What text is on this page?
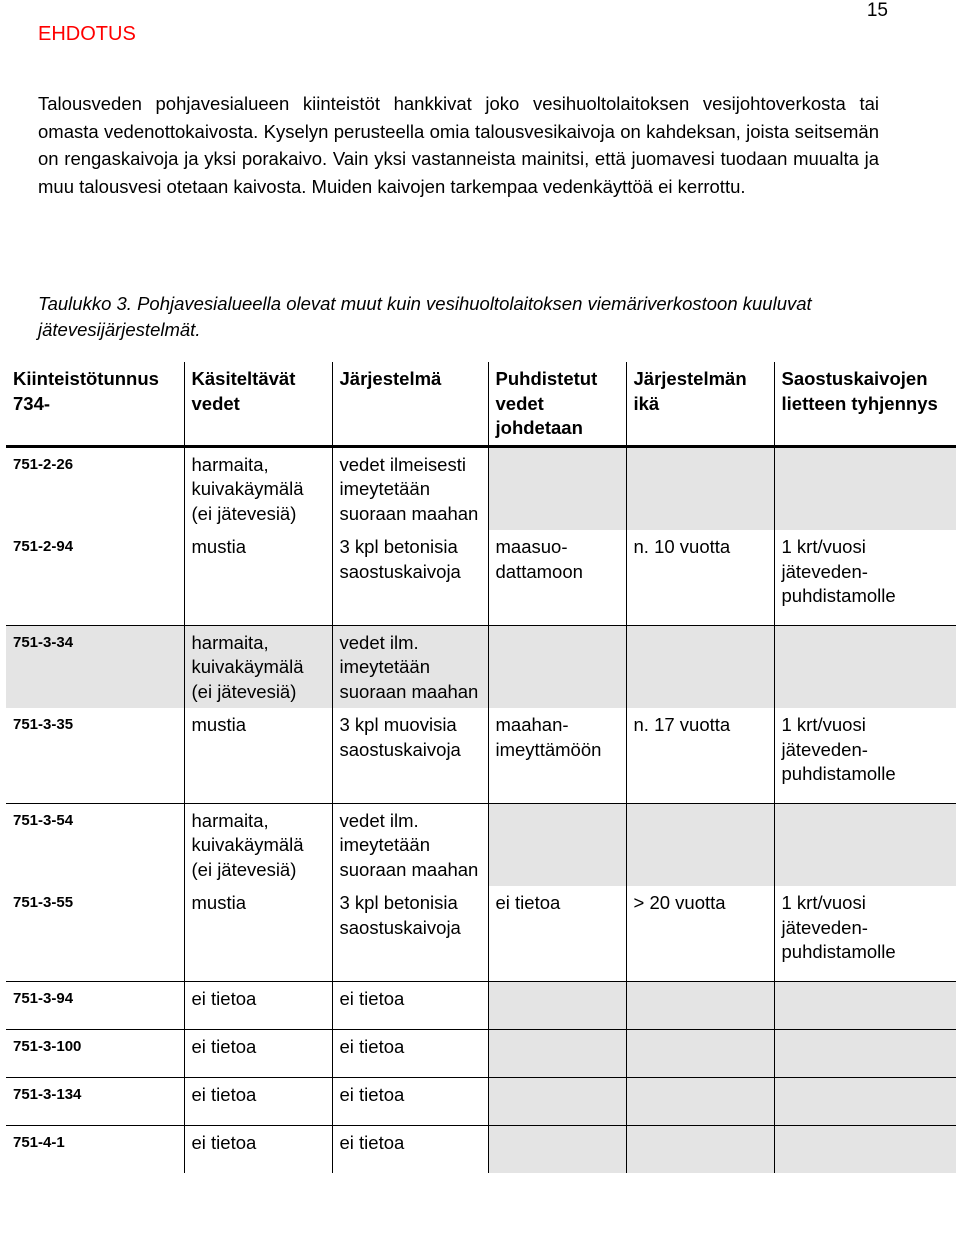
15
EHDOTUS

Talousveden pohjavesialueen kiinteistöt hankkivat joko vesihuoltolaitoksen vesijohtoverkosta tai omasta vedenottokaivosta. Kyselyn perusteella omia talousvesikaivoja on kahdeksan, joista seitsemän on rengaskaivoja ja yksi porakaivo. Vain yksi vastanneista mainitsi, että juomavesi tuodaan muualta ja muu talousvesi otetaan kaivosta. Muiden kaivojen tarkempaa vedenkäyttöä ei kerrottu.

Taulukko 3. Pohjavesialueella olevat muut kuin vesihuoltolaitoksen viemäriverkostoon kuuluvat jätevesijärjestelmät.

Kiinteistötunnus 734-	Käsiteltävät vedet	Järjestelmä	Puhdistetut vedet johdetaan	Järjestelmän ikä	Saostuskaivojen lietteen tyhjennys
751-2-26	harmaita, kuivakäymälä (ei jätevesiä)	vedet ilmeisesti imeytetään suoraan maahan			
751-2-94	mustia	3 kpl betonisia saostuskaivoja	maasuo-dattamoon	n. 10 vuotta	1 krt/vuosi jäteveden-puhdistamolle
751-3-34	harmaita, kuivakäymälä (ei jätevesiä)	vedet ilm. imeytetään suoraan maahan			
751-3-35	mustia	3 kpl muovisia saostuskaivoja	maahan-imeyttämöön	n. 17 vuotta	1 krt/vuosi jäteveden-puhdistamolle
751-3-54	harmaita, kuivakäymälä (ei jätevesiä)	vedet ilm. imeytetään suoraan maahan			
751-3-55	mustia	3 kpl betonisia saostuskaivoja	ei tietoa	> 20 vuotta	1 krt/vuosi jäteveden-puhdistamolle
751-3-94	ei tietoa	ei tietoa			
751-3-100	ei tietoa	ei tietoa			
751-3-134	ei tietoa	ei tietoa			
751-4-1	ei tietoa	ei tietoa			
